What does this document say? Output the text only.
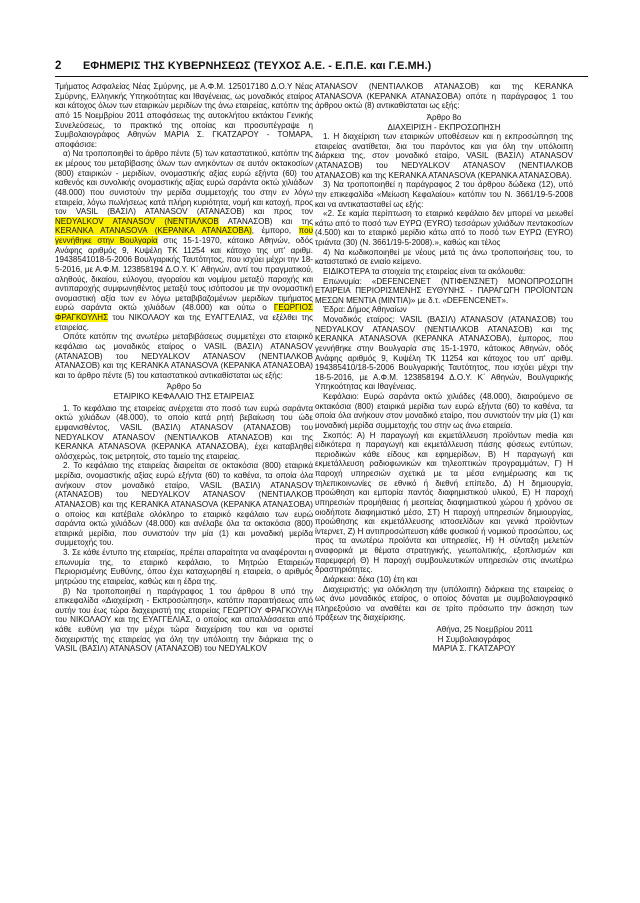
2 ΕΦΗΜΕΡΙΣ ΤΗΣ ΚΥΒΕΡΝΗΣΕΩΣ (ΤΕΥΧΟΣ Α.Ε. - Ε.Π.Ε. και Γ.Ε.ΜΗ.)

Τμήματος Ασφαλείας Νέας Σμύρνης, με Α.Φ.Μ. 125017180 Δ.Ο.Υ Νέας Σμύρνης, Ελληνικής Υπηκοότητας και Ιθαγένειας, ως μοναδικός εταίρος και κάτοχος όλων των εταιρικών μεριδίων της άνω εταιρείας, κατόπιν της από 15 Νοεμβρίου 2011 αποφάσεως της αυτοκλήτου εκτάκτου Γενικής Συνελεύσεως, το πρακτικό της οποίας και προσυπέγραψε η Συμβολαιογράφος Αθηνών ΜΑΡΙΑ Σ. ΓΚΑΤΖΑΡΟΥ - ΤΟΜΑΡΑ, αποφάσισε:

α) Να τροποποιηθεί το άρθρο πέντε (5) των καταστατικού, κατόπιν της εκ μέρους του μεταβίβασης όλων των ανηκόντων σε αυτόν οκτακοσίων (800) εταιρικών - μεριδίων, ονομαστικής αξίας ευρώ εξήντα (60) του καθενός και συνολικής ονομαστικής αξίας ευρώ σαράντα οκτώ χιλιάδων (48.000) που συνιστούν την μερίδα συμμετοχής του στην εν λόγω εταιρεία, λόγω πωλήσεως κατά πλήρη κυριότητα, νομή και κατοχή, προς τον VASIL (ΒΑΣΙΛ) ATANASOV (ΑΤΑΝΑΣΟΒ) και προς τον NEDYALKOV ATANASOV (ΝΕΝΤΙΑΛΚΟΒ ΑΤΑΝΑΣΟΒ) και της KERANKA ATANASOVA (ΚΕΡΑΝΚΑ ΑΤΑΝΑΣΟΒΑ), έμπορο, που γεννήθηκε στην Βουλγαρία στις 15-1-1970, κάτοικο Αθηνών, οδός Ανάφης αριθμός 9, Κυψέλη ΤΚ 11254 και κάτοχο της υπ' αριθμ. 19438541018-5-2006 Βουλγαρικής Ταυτότητος, που ισχύει μέχρι την 18-5-2016, με Α.Φ.Μ. 123858194 Δ.Ο.Υ. Κ΄ Αθηνών, αντί του πραγματικού, αληθούς, δικαίου, εύλογου, αγοραίου και νομίμου μεταξύ παροχής και αντιπαροχής συμφωνηθέντος μεταξύ τους ισόποσου με την ονομαστική ονομαστική αξία των εν λόγω μεταβιβαζομένων μεριδίων τιμήματος ευρώ σαράντα οκτώ χιλιάδων (48.000) και ούτω ο ΓΕΩΡΓΙΟΣ ΦΡΑΓΚΟΥΛΗΣ του ΝΙΚΟΛΑΟΥ και της ΕΥΑΓΓΕΛΙΑΣ, να εξέλθει της εταιρείας.

Οπότε κατόπιν της ανωτέρω μεταβιβάσεως συμμετέχει στο εταιρικό κεφάλαιο ως μοναδικός εταίρος ο VASIL (ΒΑΣΙΛ) ATANASOV (ΑΤΑΝΑΣΟΒ) του NEDYALKOV ATANASOV (ΝΕΝΤΙΑΛΚΟΒ ΑΤΑΝΑΣΟΒ) και της KERANKA ATANASOVA (ΚΕΡΑΝΚΑ ΑΤΑΝΑΣΟΒΑ) και το άρθρο πέντε (5) του καταστατικού αντικαθίσταται ως εξής:

Άρθρο 5ο

ΕΤΑΙΡΙΚΟ ΚΕΦΑΛΑΙΟ ΤΗΣ ΕΤΑΙΡΕΙΑΣ

1. Το κεφάλαιο της εταιρείας ανέρχεται στο ποσό των ευρώ σαράντα οκτώ χιλιάδων (48.000), το οποίο κατά ρητή βεβαίωση του ώδε εμφανισθέντος, VASIL (ΒΑΣΙΛ) ATANASOV (ΑΤΑΝΑΣΟΒ) του NEDYALKOV ATANASOV (ΝΕΝΤΙΑΛΚΟΒ ΑΤΑΝΑΣΟΒ) και της KERANKA ATANASOVA (ΚΕΡΑΝΚΑ ΑΤΑΝΑΣΟΒΑ), έχει καταβληθεί ολόσχερώς, τοις μετρητοίς, στο ταμείο της εταιρείας.

2. Το κεφάλαιο της εταιρείας διαιρείται σε οκτακόσια (800) εταιρικά μερίδια, ονομαστικής αξίας ευρώ εξήντα (60) το καθένα, τα οποία όλα ανήκουν στον μοναδικό εταίρο, VASIL (ΒΑΣΙΛ) ATANASOV (ΑΤΑΝΑΣΟΒ) του NEDYALKOV ATANASOV (ΝΕΝΤΙΑΛΚΟΒ ΑΤΑΝΑΣΟΒ) και της KERANKA ATANASOVA (ΚΕΡΑΝΚΑ ΑΤΑΝΑΣΟΒΑ) ο οποίος και κατέβαλε ολόκληρο το εταιρικό κεφάλαιο των ευρώ σαράντα οκτώ χιλιάδων (48.000) και ανέλαβε όλα τα οκτακόσια (800) εταιρικά μερίδια, που συνιστούν την μία (1) και μοναδική μερίδα συμμετοχής του.

3. Σε κάθε έντυπο της εταιρείας, πρέπει απαραίτητα να αναφέρονται η επωνυμία της, το εταιρικό κεφάλαιο, το Μητρώο Εταιρειών Περιορισμένης Ευθύνης, όπου έχει καταχωρηθεί η εταιρεία, ο αριθμός μητρώου της εταιρείας, καθώς και η έδρα της.

β) Να τροποποιηθεί η παράγραφος 1 του άρθρου 8 υπό την επικεφαλίδα «Διαχείριση - Εκπροσώπηση», κατόπιν παραιτήσεως από αυτήν του έως τώρα διαχειριστή της εταιρείας ΓΕΩΡΓΙΟΥ ΦΡΑΓΚΟΥΛΗ του ΝΙΚΟΛΑΟΥ και της ΕΥΑΓΓΕΛΙΑΣ, ο οποίος και απαλλάσσεται από κάθε ευθύνη για την μέχρι τώρα διαχείριση του και να οριστεί διαχειριστής της εταιρείας για όλη την υπόλοιπη την διάρκεια της ο VASIL (ΒΑΣΙΛ) ATANASOV (ΑΤΑΝΑΣΟΒ) του NEDYALKOV

ATANASOV (ΝΕΝΤΙΑΛΚΟΒ ΑΤΑΝΑΣΟΒ) και της KERANKA ATANASOVA (ΚΕΡΑΝΚΑ ΑΤΑΝΑΣΟΒΑ) οπότε η παράγραφος 1 του άρθρου οκτώ (8) αντικαθίσταται ως εξής:

Άρθρο 8ο

ΔΙΑΧΕΙΡΙΣΗ - ΕΚΠΡΟΣΩΠΗΣΗ

1. Η διαχείριση των εταιρικών υποθέσεων και η εκπροσώπηση της εταιρείας ανατίθεται, δια του παρόντος και για όλη την υπόλοιπη διάρκεια της, στον μοναδικό εταίρο, VASIL (ΒΑΣΙΛ) ATANASOV (ΑΤΑΝΑΣΟΒ) του NEDYALKOV ATANASOV (ΝΕΝΤΙΑΛΚΟΒ ΑΤΑΝΑΣΟΒ) και της KERANKA ATANASOVA (ΚΕΡΑΝΚΑ ΑΤΑΝΑΣΟΒΑ).

3) Να τροποποιηθεί η παράγραφος 2 του άρθρου δώδεκα (12), υπό την επικεφαλίδα «Μείωση Κεφαλαίου» κατόπιν του Ν. 3661/19-5-2008 και να αντικατασταθεί ως εξής:

«2. Σε καμία περίπτωση το εταιρικό κεφάλαιο δεν μπορεί να μειωθεί κάτω από το ποσό των ΕΥΡΩ (EYRO) τεσσάρων χιλιάδων πεντακοσίων (4.500) και το εταιρικό μερίδιο κάτω από το ποσό των ΕΥΡΩ (EYRO) τριάντα (30) (Ν. 3661/19-5-2008).», καθώς και τέλος

4) Να κωδικοποιηθεί με νέους μετά τις άνω τροποποιήσεις του, το καταστατικό σε ενιαίο κείμενο.

ΕΙΔΙΚΟΤΕΡΑ τα στοιχεία της εταιρείας είναι τα ακόλουθα:

Επωνυμία: «DEFENCENET (ΝΤΙΦΕΝΣΝΕΤ) ΜΟΝΟΠΡΟΣΩΠΗ ΕΤΑΙΡΕΙΑ ΠΕΡΙΟΡΙΣΜΕΝΗΣ ΕΥΘΥΝΗΣ - ΠΑΡΑΓΩΓΗ ΠΡΟΪΟΝΤΩΝ ΜΕΣΩΝ ΜΕΝΤΙΑ (ΜΙΝΤΙΑ)» με δ.τ. «DEFENCENET».

Έδρα: Δήμος Αθηναίων

Μοναδικός εταίρος: VASIL (ΒΑΣΙΛ) ATANASOV (ΑΤΑΝΑΣΟΒ) του NEDYALKOV ATANASOV (ΝΕΝΤΙΑΛΚΟΒ ΑΤΑΝΑΣΟΒ) και της KERANKA ATANASOVA (ΚΕΡΑΝΚΑ ΑΤΑΝΑΣΟΒΑ), έμπορος, που γεννήθηκε στην Βουλγαρία στις 15-1-1970, κάτοικος Αθηνών, οδός Ανάφης αριθμός 9, Κυψέλη ΤΚ 11254 και κάτοχος του υπ' αριθμ. 194385410/18-5-2006 Βουλγαρικής Ταυτότητος, που ισχύει μέχρι την 18-5-2016, με Α.Φ.Μ. 123858194 Δ.Ο.Υ. Κ΄ Αθηνών, Βουλγαρικής Υπηκοότητας και Ιθαγένειας.

Κεφάλαιο: Ευρώ σαράντα οκτώ χιλιάδες (48.000), διαιρούμενο σε οκτακόσια (800) εταιρικά μερίδια των ευρώ εξήντα (60) το καθένα, τα οποία όλα ανήκουν στον μοναδικό εταίρο, που συνιστούν την μία (1) και μοναδική μερίδα συμμετοχής του στην ως άνω εταιρεία.

Σκοπός: Α) Η παραγωγή και εκμετάλλευση προϊόντων media και ειδικότερα η παραγωγή και εκμετάλλευση πάσης φύσεως εντύπων, περιοδικών κάθε είδους και εφημερίδων, Β) Η παραγωγή και εκμετάλλευση ραδιοφωνικών και τηλεοπτικών προγραμμάτων, Γ) Η παροχή υπηρεσιών σχετικά με τα μέσα ενημέρωσης και τις τηλεπικοινωνίες σε εθνικό ή διεθνή επίπεδο, Δ) Η δημιουργία, προώθηση και εμπορία παντός διαφημιστικού υλικού, Ε) Η παροχή υπηρεσιών προμήθειας ή μεσιτείας διαφημιστικού χώρου ή χρόνου σε οιοδήποτε διαφημιστικό μέσο, ΣΤ) Η παροχή υπηρεσιών δημιουργίας, προώθησης και εκμετάλλευσης ιστοσελίδων και γενικά προϊόντων ίντερνετ, Ζ) Η αντιπροσώπευση κάθε φυσικού ή νομικού προσώπου, ως προς τα ανωτέρω προϊόντα και υπηρεσίες, Η) Η σύνταξη μελετών αναφορικά με θέματα στρατηγικής, γεωπολιτικής, εξοπλισμών και παρεμφερή Θ) Η παροχή συμβουλευτικών υπηρεσιών στις ανωτέρω δραστηριότητες.

Διάρκεια: δέκα (10) έτη και

Διαχειριστής: για ολόκληση την (υπόλοιπη) διάρκεια της εταιρείας ο ως άνω μοναδικός εταίρος, ο οποίος δόναται με συμβολαιογραφικό πληρεξούσιο να αναθέτει και σε τρίτο πρόσωπο την άσκηση των πράξεων της διαχείρισης.

Αθήνα, 25 Νοεμβρίου 2011

Η Συμβολαιογράφος

ΜΑΡΙΑ Σ. ΓΚΑΤΖΑΡΟΥ
